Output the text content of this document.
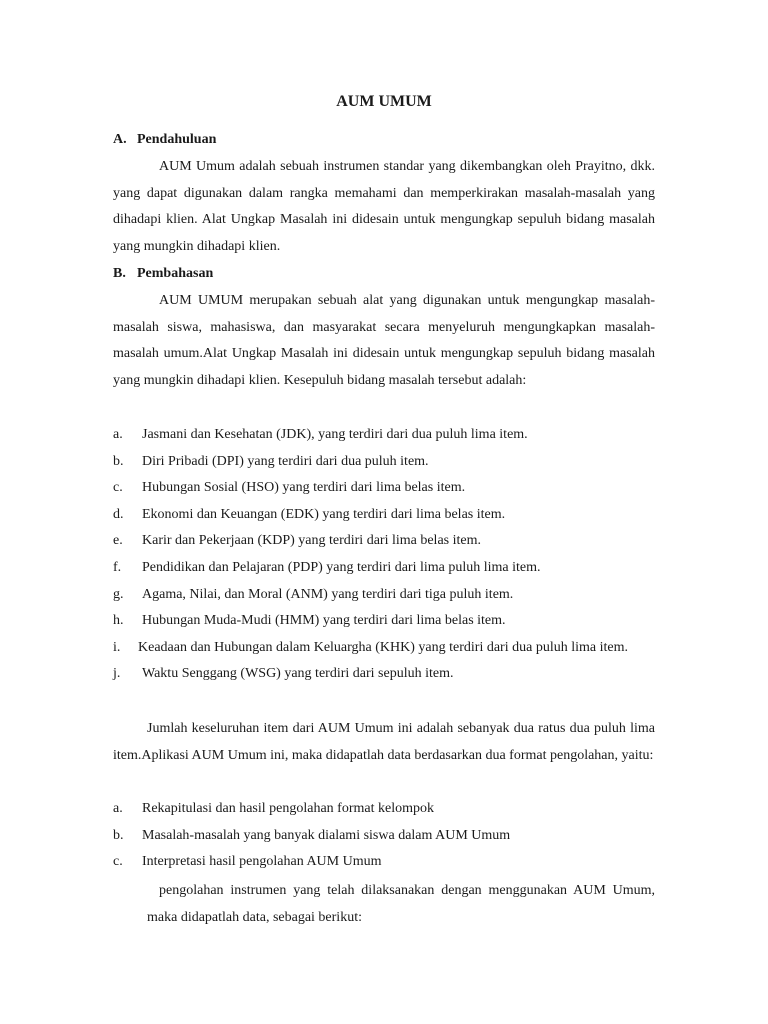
AUM UMUM
A. Pendahuluan

AUM Umum adalah sebuah instrumen standar yang dikembangkan oleh Prayitno, dkk. yang dapat digunakan dalam rangka memahami dan memperkirakan masalah-masalah yang dihadapi klien. Alat Ungkap Masalah ini didesain untuk mengungkap sepuluh bidang masalah yang mungkin dihadapi klien.

B. Pembahasan

AUM UMUM merupakan sebuah alat yang digunakan untuk mengungkap masalah-masalah siswa, mahasiswa, dan masyarakat secara menyeluruh mengungkapkan masalah-masalah umum.Alat Ungkap Masalah ini didesain untuk mengungkap sepuluh bidang masalah yang mungkin dihadapi klien. Kesepuluh bidang masalah tersebut adalah:

a. Jasmani dan Kesehatan (JDK), yang terdiri dari dua puluh lima item.
b. Diri Pribadi (DPI) yang terdiri dari dua puluh item.
c. Hubungan Sosial (HSO) yang terdiri dari lima belas item.
d. Ekonomi dan Keuangan (EDK) yang terdiri dari lima belas item.
e. Karir dan Pekerjaan (KDP) yang terdiri dari lima belas item.
f. Pendidikan dan Pelajaran (PDP) yang terdiri dari lima puluh lima item.
g. Agama, Nilai, dan Moral (ANM) yang terdiri dari tiga puluh item.
h. Hubungan Muda-Mudi (HMM) yang terdiri dari lima belas item.
i. Keadaan dan Hubungan dalam Keluargha (KHK) yang terdiri dari dua puluh lima item.
j. Waktu Senggang (WSG) yang terdiri dari sepuluh item.

Jumlah keseluruhan item dari AUM Umum ini adalah sebanyak dua ratus dua puluh lima item.Aplikasi AUM Umum ini, maka didapatlah data berdasarkan dua format pengolahan, yaitu:

a. Rekapitulasi dan hasil pengolahan format kelompok
b. Masalah-masalah yang banyak dialami siswa dalam AUM Umum
c. Interpretasi hasil pengolahan AUM Umum

pengolahan instrumen yang telah dilaksanakan dengan menggunakan AUM Umum, maka didapatlah data, sebagai berikut:
